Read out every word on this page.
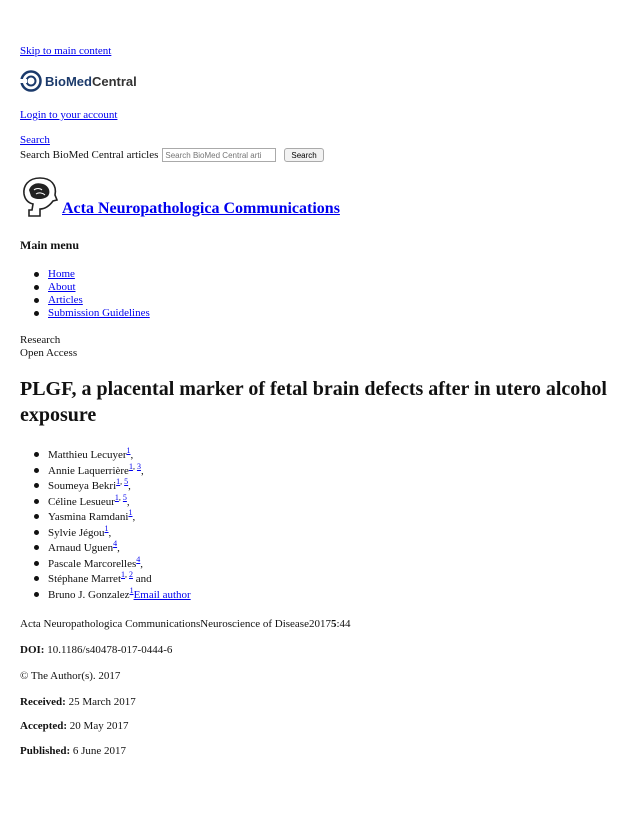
Skip to main content
BioMedCentral
Login to your account
Search
Search BioMed Central articles
Search BioMed Central arti	Search
Acta Neuropathologica Communications
Main menu
Home
About
Articles
Submission Guidelines
Research
Open Access
PLGF, a placental marker of fetal brain defects after in utero alcohol exposure
Matthieu Lecuyer$^1$,
Annie Laquerrière$^{1, 3}$,
Soumeya Bekri$^{1, 5}$,
Céline Lesueur$^{1, 5}$,
Yasmina Ramdani$^1$,
Sylvie Jégou$^1$,
Arnaud Uguen$^4$,
Pascale Marcorelles$^4$,
Stéphane Marret$^{1, 2}$ and
Bruno J. Gonzalez$^1$Email author
Acta Neuropathologica CommunicationsNeuroscience of Disease20175:44
DOI: 10.1186/s40478-017-0444-6
© The Author(s). 2017
Received: 25 March 2017
Accepted: 20 May 2017
Published: 6 June 2017
